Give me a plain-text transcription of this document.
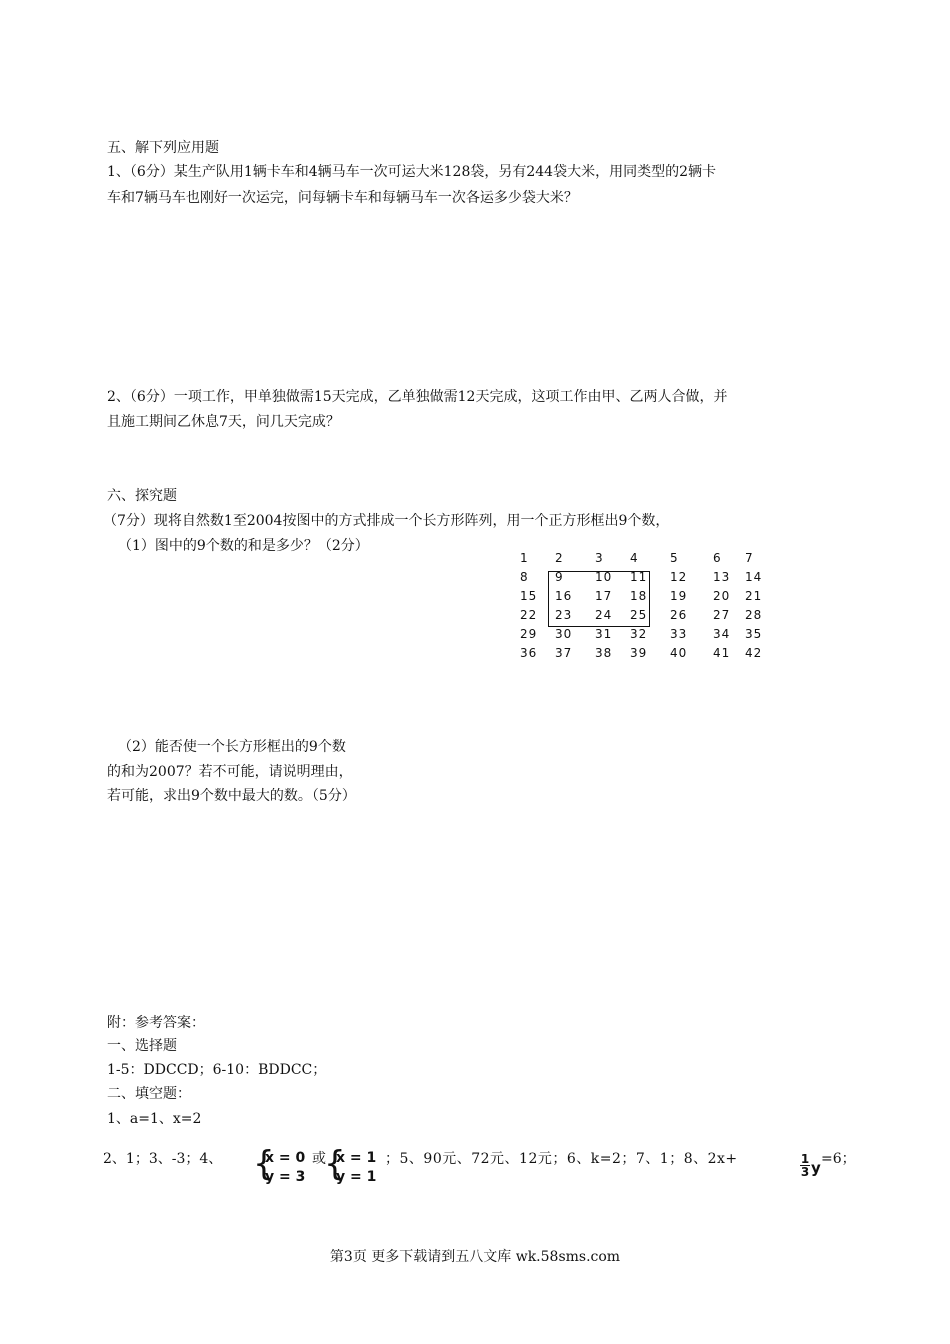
五、解下列应用题
1、（6分）某生产队用1辆卡车和4辆马车一次可运大米128袋，另有244袋大米，用同类型的2辆卡
车和7辆马车也刚好一次运完，问每辆卡车和每辆马车一次各运多少袋大米？
2、（6分）一项工作，甲单独做需15天完成，乙单独做需12天完成，这项工作由甲、乙两人合做，并
且施工期间乙休息7天，问几天完成？
六、探究题
（7分）现将自然数1至2004按图中的方式排成一个长方形阵列，用一个正方形框出9个数，
（1）图中的9个数的和是多少？（2分）
1 2	3 4	5	6 7
8 9	10 11 12 13 14
15 16 17 18 19 20 21
22 23 24 25 26 27 28
29 30 31 32 33 34 35
36 37 38 39 40 41 42
（2）能否使一个长方形框出的9个数
的和为2007？若不可能，请说明理由，
若可能，求出9个数中最大的数。（5分）
附：参考答案：
一、选择题
1-5：DDCCD；6-10：BDDCC；
二、填空题：
1、a=1、x=2
2、1；3、-3；4、 {
x = 0
y = 3
或
{
x = 1
y = 1
；5、90元、72元、12元；6、k=2；7、1；8、2x+	$\frac{1}{3}$ y =6；
第3页 更多下载请到五八文库 wk.58sms.com
